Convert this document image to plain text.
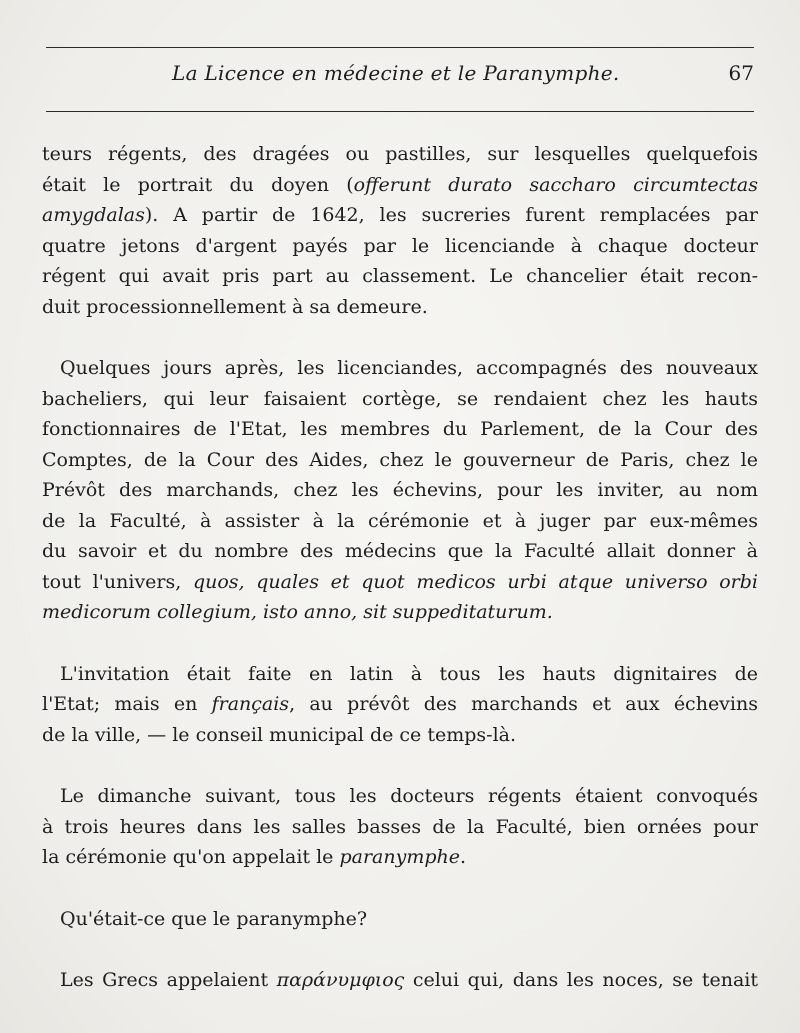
La Licence en médecine et le Paranymphe.	67
teurs régents, des dragées ou pastilles, sur lesquelles quelquefois
était le portrait du doyen (offerunt durato saccharo circumtectas
amygdalas). A partir de 1642, les sucreries furent remplacées par
quatre jetons d'argent payés par le licenciande à chaque docteur
régent qui avait pris part au classement. Le chancelier était recon-
duit processionnellement à sa demeure.
Quelques jours après, les licenciandes, accompagnés des nouveaux
bacheliers, qui leur faisaient cortège, se rendaient chez les hauts
fonctionnaires de l'Etat, les membres du Parlement, de la Cour des
Comptes, de la Cour des Aides, chez le gouverneur de Paris, chez le
Prévôt des marchands, chez les échevins, pour les inviter, au nom
de la Faculté, à assister à la cérémonie et à juger par eux-mêmes
du savoir et du nombre des médecins que la Faculté allait donner à
tout l'univers, quos, quales et quot medicos urbi atque universo orbi
medicorum collegium, isto anno, sit suppeditaturum.
L'invitation était faite en latin à tous les hauts dignitaires de
l'Etat; mais en français, au prévôt des marchands et aux échevins
de la ville, — le conseil municipal de ce temps-là.
Le dimanche suivant, tous les docteurs régents étaient convoqués
à trois heures dans les salles basses de la Faculté, bien ornées pour
la cérémonie qu'on appelait le paranymphe.
Qu'était-ce que le paranymphe?
Les Grecs appelaient παράνυμφιος celui qui, dans les noces, se tenait
